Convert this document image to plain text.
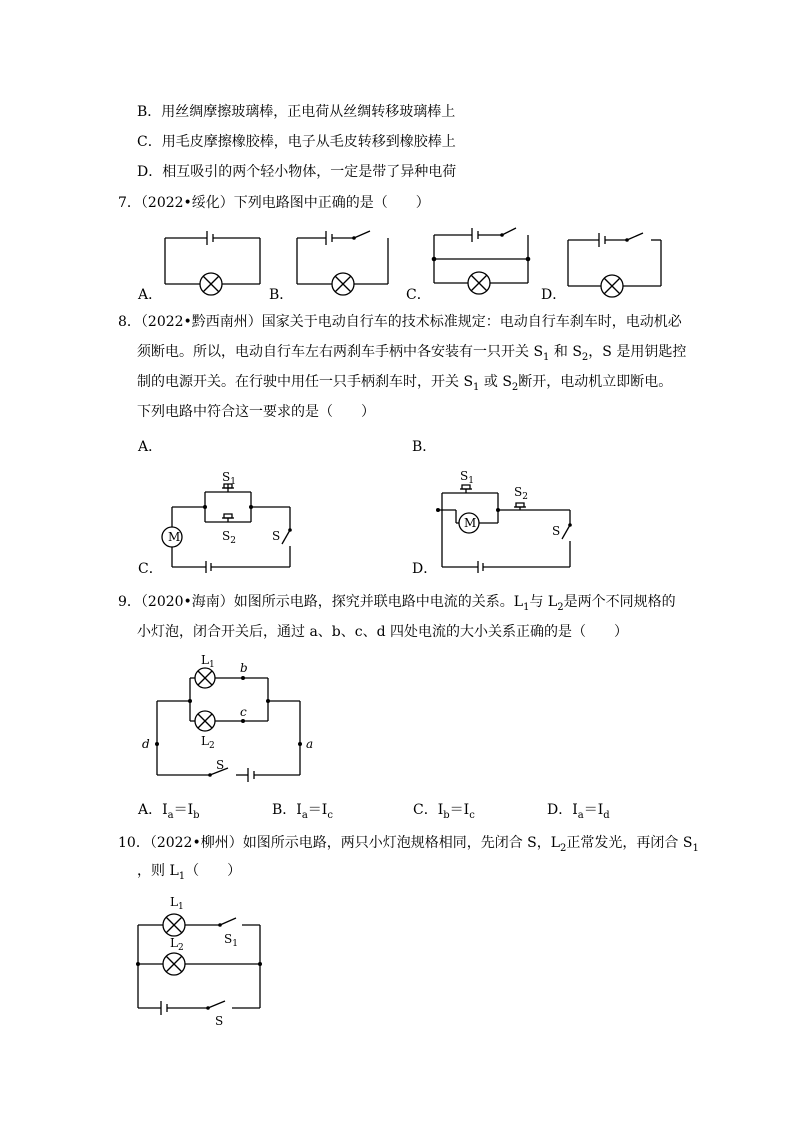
B．用丝绸摩擦玻璃棒，正电荷从丝绸转移玻璃棒上
C．用毛皮摩擦橡胶棒，电子从毛皮转移到橡胶棒上
D．相互吸引的两个轻小物体，一定是带了异种电荷
7．（2022•绥化）下列电路图中正确的是（　　）
A．	B．	C．	D．
8．（2022•黔西南州）国家关于电动自行车的技术标准规定：电动自行车刹车时，电动机必
须断电。所以，电动自行车左右两刹车手柄中各安装有一只开关 $S_1$ 和 $S_2$，S 是用钥匙控
制的电源开关。在行驶中用任一只手柄刹车时，开关 $S_1$ 或 $S_2$断开，电动机立即断电。
下列电路中符合这一要求的是（　　）
A．	B．
$S_1$
$S_2$
M	S
C．
$S_1$
$S_2$
M
S
D．
9．（2020•海南）如图所示电路，探究并联电路中电流的关系。$L_1$与 $L_2$是两个不同规格的
小灯泡，闭合开关后，通过 a、b、c、d 四处电流的大小关系正确的是（　　）
$L_1$
$L_2$
b
c
d	a
S
A．$I_a=I_b$	B．$I_a=I_c$	C．$I_b=I_c$	D．$I_a=I_d$
10．（2022•柳州）如图所示电路，两只小灯泡规格相同，先闭合 S，$L_2$正常发光，再闭合 $S_1$
，则 $L_1$（　　）
$L_1$
$L_2$
$S_1$
S
